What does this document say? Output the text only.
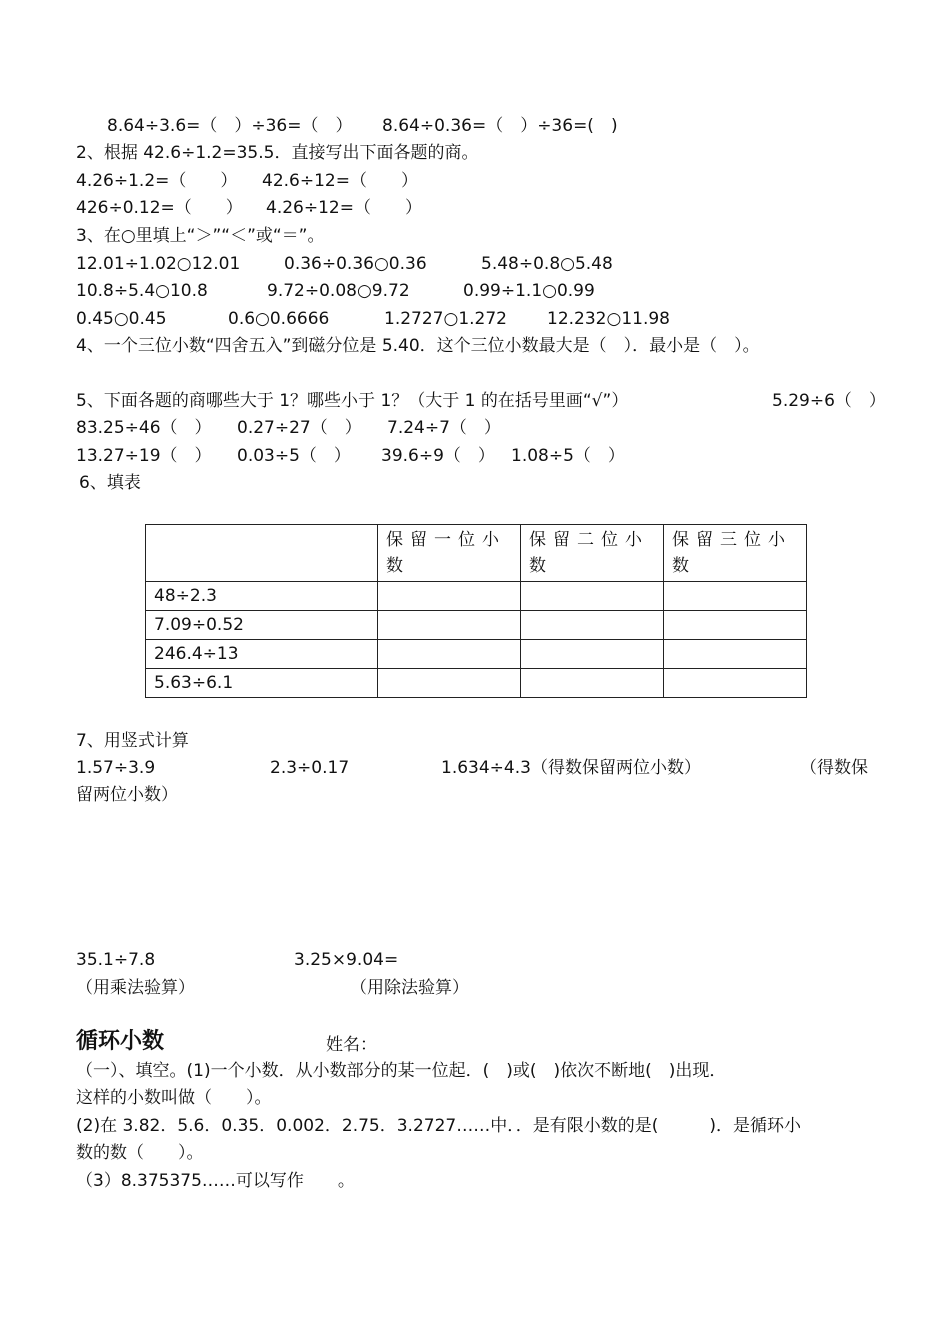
8.64÷3.6=（　）÷36=（　） 8.64÷0.36=（　）÷36=(　)
2、根据 42.6÷1.2=35.5．直接写出下面各题的商。
4.26÷1.2=（　　） 42.6÷12=（　　）
426÷0.12=（　　） 4.26÷12=（　　）
3、在○里填上“＞”“＜”或“＝”。
12.01÷1.02○12.01	0.36÷0.36○0.36	5.48÷0.8○5.48
10.8÷5.4○10.8	9.72÷0.08○9.72	0.99÷1.1○0.99
0.45○0.45	0.6○0.6666	1.2727○1.272 12.232○11.98
4、一个三位小数“四舍五入”到磁分位是 5.40．这个三位小数最大是（　）．最小是（　）。
5、下面各题的商哪些大于 1？哪些小于 1？（大于 1 的在括号里画“√”）	5.29÷6（　）
83.25÷46（　） 0.27÷27（　） 7.24÷7（　）
13.27÷19（　） 0.03÷5（　） 39.6÷9（　） 1.08÷5（　）
6、填表
	保留一位小数	保留二位小数	保留三位小数
48÷2.3			
7.09÷0.52			
246.4÷13			
5.63÷6.1			
7、用竖式计算
1.57÷3.9	2.3÷0.17	1.634÷4.3（得数保留两位小数）	（得数保
留两位小数）
35.1÷7.8	3.25×9.04=
（用乘法验算）	（用除法验算）
循环小数	姓名：
（一）、填空。(1)一个小数．从小数部分的某一位起．(　)或(　)依次不断地(　)出现．
这样的小数叫做（　　）。
(2)在 3.82．5.6．0.35．0.002．2.75．3.2727……中．．是有限小数的是(　　　)．是循环小
数的数（　　）。
（3）8.375375……可以写作　　。
